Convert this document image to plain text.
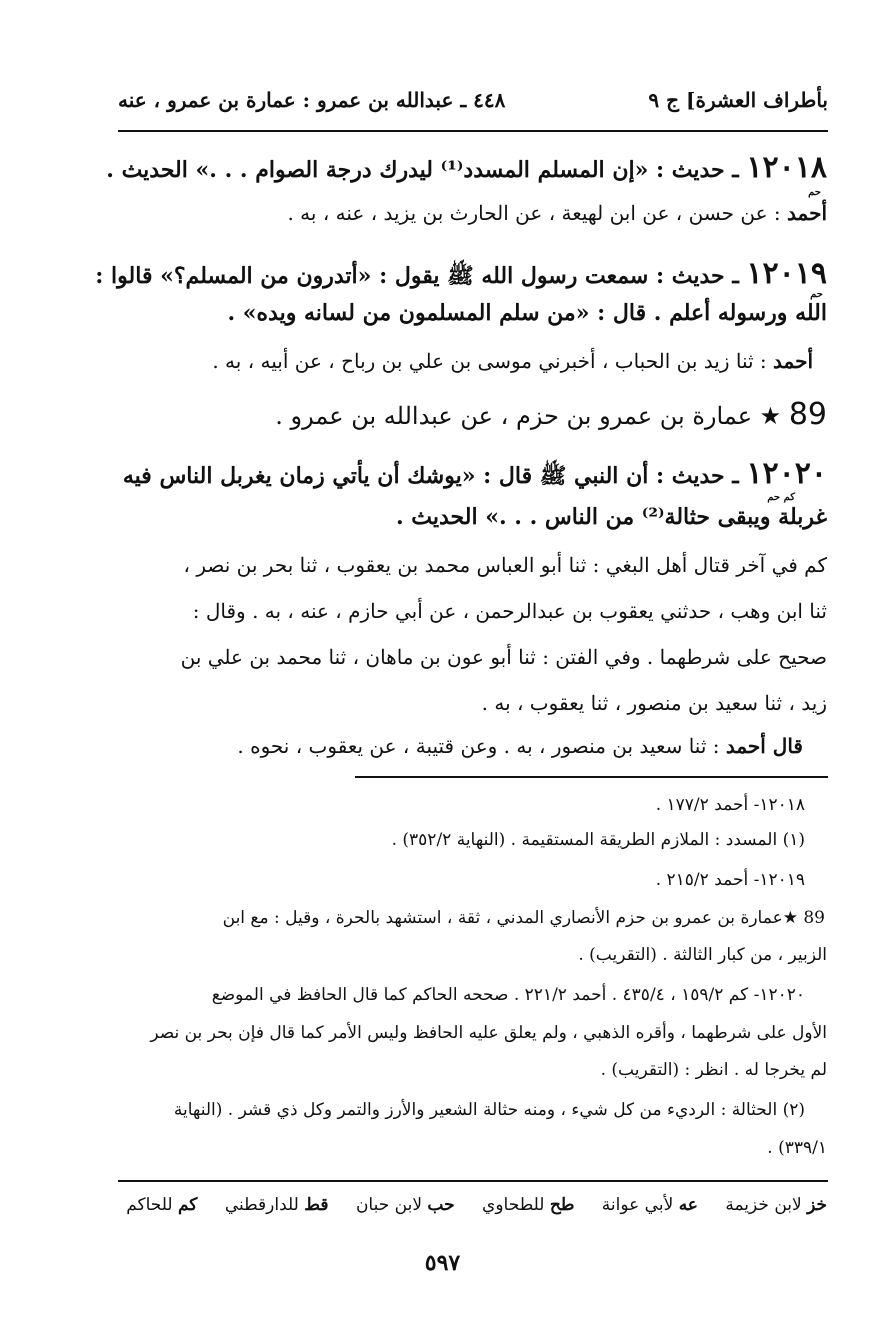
بأطراف العشرة] ج ٩
٤٤٨ ـ عبدالله بن عمرو : عمارة بن عمرو ، عنه
١٢٠١٨ ـ حديث : «إن المسلم المسدد⁽¹⁾ ليدرك درجة الصوام . . .» الحديث .
حم
أحمد : عن حسن ، عن ابن لهيعة ، عن الحارث بن يزيد ، عنه ، به .
١٢٠١٩ ـ حديث : سمعت رسول الله ﷺ يقول : «أتدرون من المسلم؟» قالوا :
حم
الله ورسوله أعلم . قال : «من سلم المسلمون من لسانه ويده» .
أحمد : ثنا زيد بن الحباب ، أخبرني موسى بن علي بن رباح ، عن أبيه ، به .
89 ★ عمارة بن عمرو بن حزم ، عن عبدالله بن عمرو .
١٢٠٢٠ ـ حديث : أن النبي ﷺ قال : «يوشك أن يأتي زمان يغربل الناس فيه
كم حم
غربلة ويبقى حثالة⁽²⁾ من الناس . . .» الحديث .
كم في آخر قتال أهل البغي : ثنا أبو العباس محمد بن يعقوب ، ثنا بحر بن نصر ،
ثنا ابن وهب ، حدثني يعقوب بن عبدالرحمن ، عن أبي حازم ، عنه ، به . وقال :
صحيح على شرطهما . وفي الفتن : ثنا أبو عون بن ماهان ، ثنا محمد بن علي بن
زيد ، ثنا سعيد بن منصور ، ثنا يعقوب ، به .
قال أحمد : ثنا سعيد بن منصور ، به . وعن قتيبة ، عن يعقوب ، نحوه .
١٢٠١٨- أحمد ١٧٧/٢ .
(١) المسدد : الملازم الطريقة المستقيمة . (النهاية ٣٥٢/٢) .
١٢٠١٩- أحمد ٢١٥/٢ .
89 ★عمارة بن عمرو بن حزم الأنصاري المدني ، ثقة ، استشهد بالحرة ، وقيل : مع ابن
الزبير ، من كبار الثالثة . (التقريب) .
١٢٠٢٠- كم ١٥٩/٢ ، ٤٣٥/٤ . أحمد ٢٢١/٢ . صححه الحاكم كما قال الحافظ في الموضع
الأول على شرطهما ، وأقره الذهبي ، ولم يعلق عليه الحافظ وليس الأمر كما قال فإن بحر بن نصر
لم يخرجا له . انظر : (التقريب) .
(٢) الحثالة : الرديء من كل شيء ، ومنه حثالة الشعير والأرز والتمر وكل ذي قشر . (النهاية
٣٣٩/١) .
خز لابن خزيمة عه لأبي عوانة طح للطحاوي حب لابن حبان قط للدارقطني كم للحاكم
٥٩٧
